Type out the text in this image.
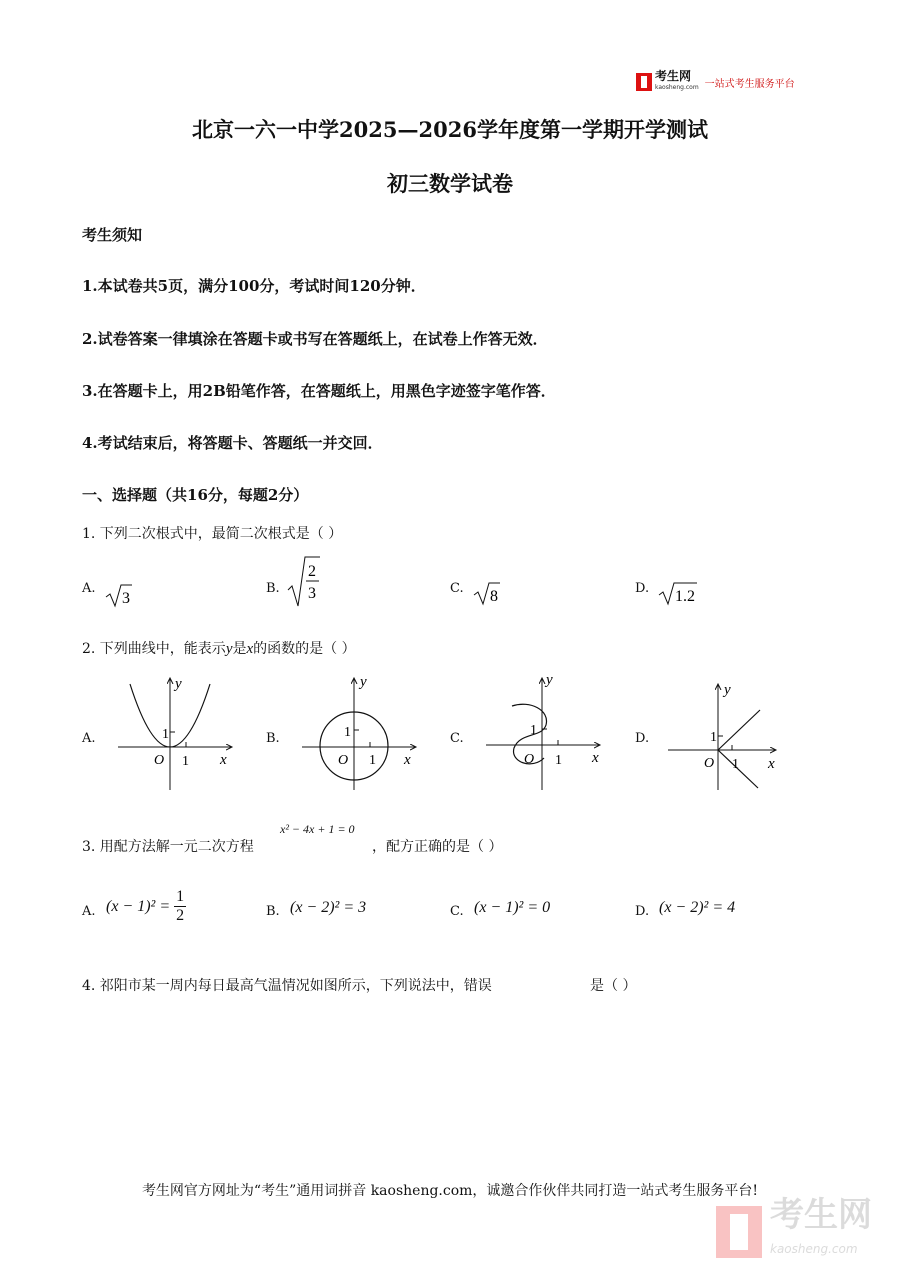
考生网
kaosheng.com 一站式考生服务平台
北京一六一中学2025—2026学年度第一学期开学测试
初三数学试卷
考生须知
1.本试卷共5页，满分100分，考试时间120分钟．
2.试卷答案一律填涂在答题卡或书写在答题纸上，在试卷上作答无效．
3.在答题卡上，用2B铅笔作答，在答题纸上，用黑色字迹签字笔作答．
4.考试结束后，将答题卡、答题纸一并交回．
一、选择题（共16分，每题2分）
1. 下列二次根式中，最简二次根式是（ ）
A.
3
B.
2
3	C. 8	D. 1.2
2. 下列曲线中，能表示y是x的函数的是（ ）
A.	1
1
O	x
y
B.	1
1
O	x
y
C.
1
1
O	x
y
D.	1
1
O	x
y
3. 用配方法解一元二次方程
x² − 4x + 1 = 0
，配方正确的是（ ）
A. $(x - 1)^2 = \frac{1}{2}$	B. (x − 2)² = 3	C. (x − 1)² = 0	D. (x − 2)² = 4
4. 祁阳市某一周内每日最高气温情况如图所示，下列说法中，错误	是（ ）
考生网官方网址为“考生”通用词拼音 kaosheng.com，诚邀合作伙伴共同打造一站式考生服务平台!
考生网
kaosheng.com
